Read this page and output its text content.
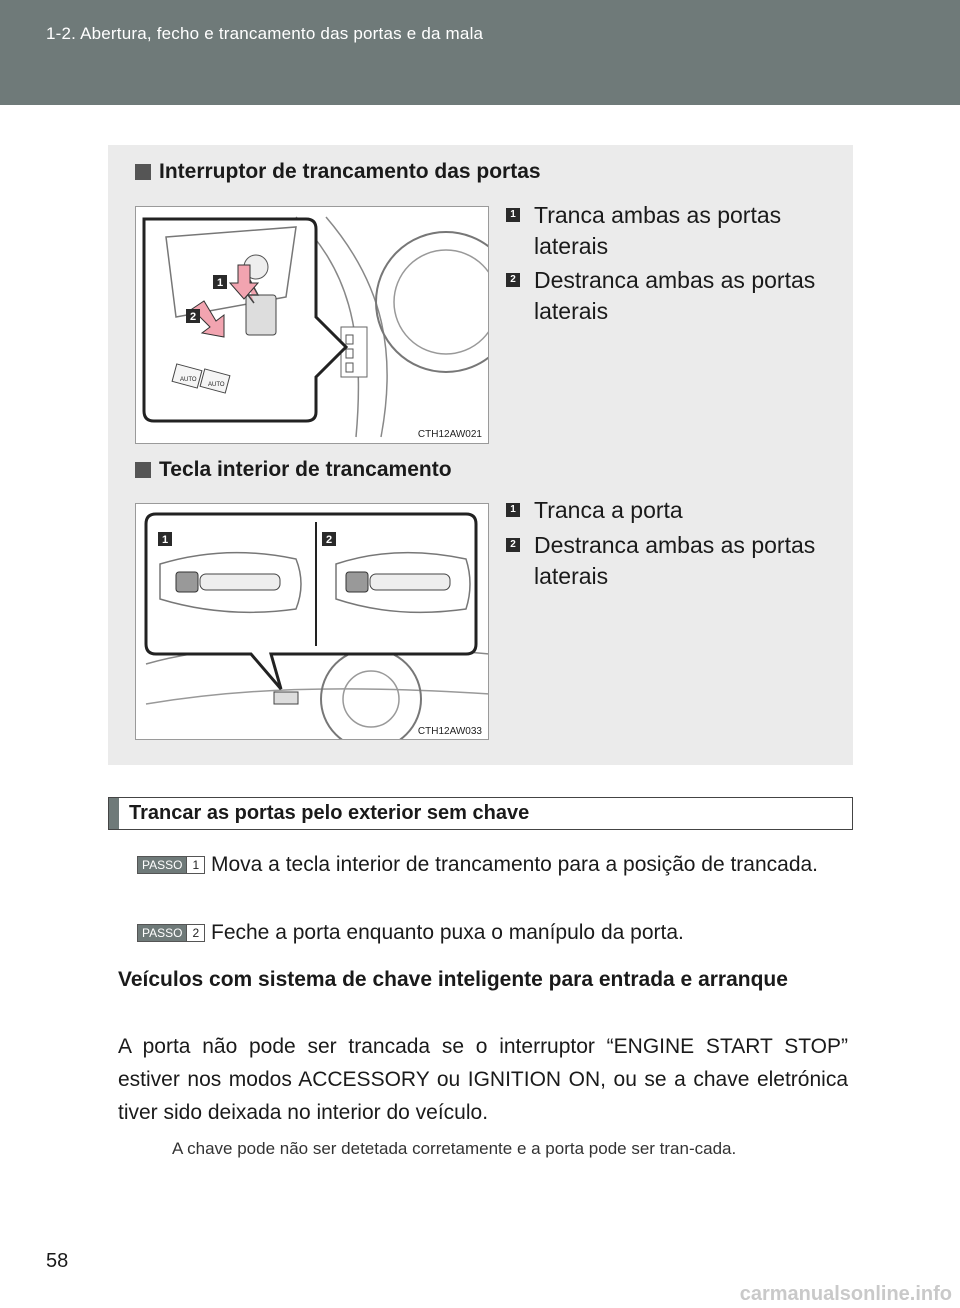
1-2. Abertura, fecho e trancamento das portas e da mala
Interruptor de trancamento das portas
AUTO
AUTO
1
2
CTH12AW021
1 Tranca ambas as portas laterais
2 Destranca ambas as portas laterais
Tecla interior de trancamento
1	2
CTH12AW033
1 Tranca a porta
2 Destranca ambas as portas laterais
Trancar as portas pelo exterior sem chave
PASSO 1 Mova a tecla interior de trancamento para a posição de trancada.
PASSO 2 Feche a porta enquanto puxa o manípulo da porta.
Veículos com sistema de chave inteligente para entrada e arranque
A porta não pode ser trancada se o interruptor “ENGINE START STOP” estiver nos modos ACCESSORY ou IGNITION ON, ou se a chave eletrónica tiver sido deixada no interior do veículo.
A chave pode não ser detetada corretamente e a porta pode ser tran-cada.
58
carmanualsonline.info
